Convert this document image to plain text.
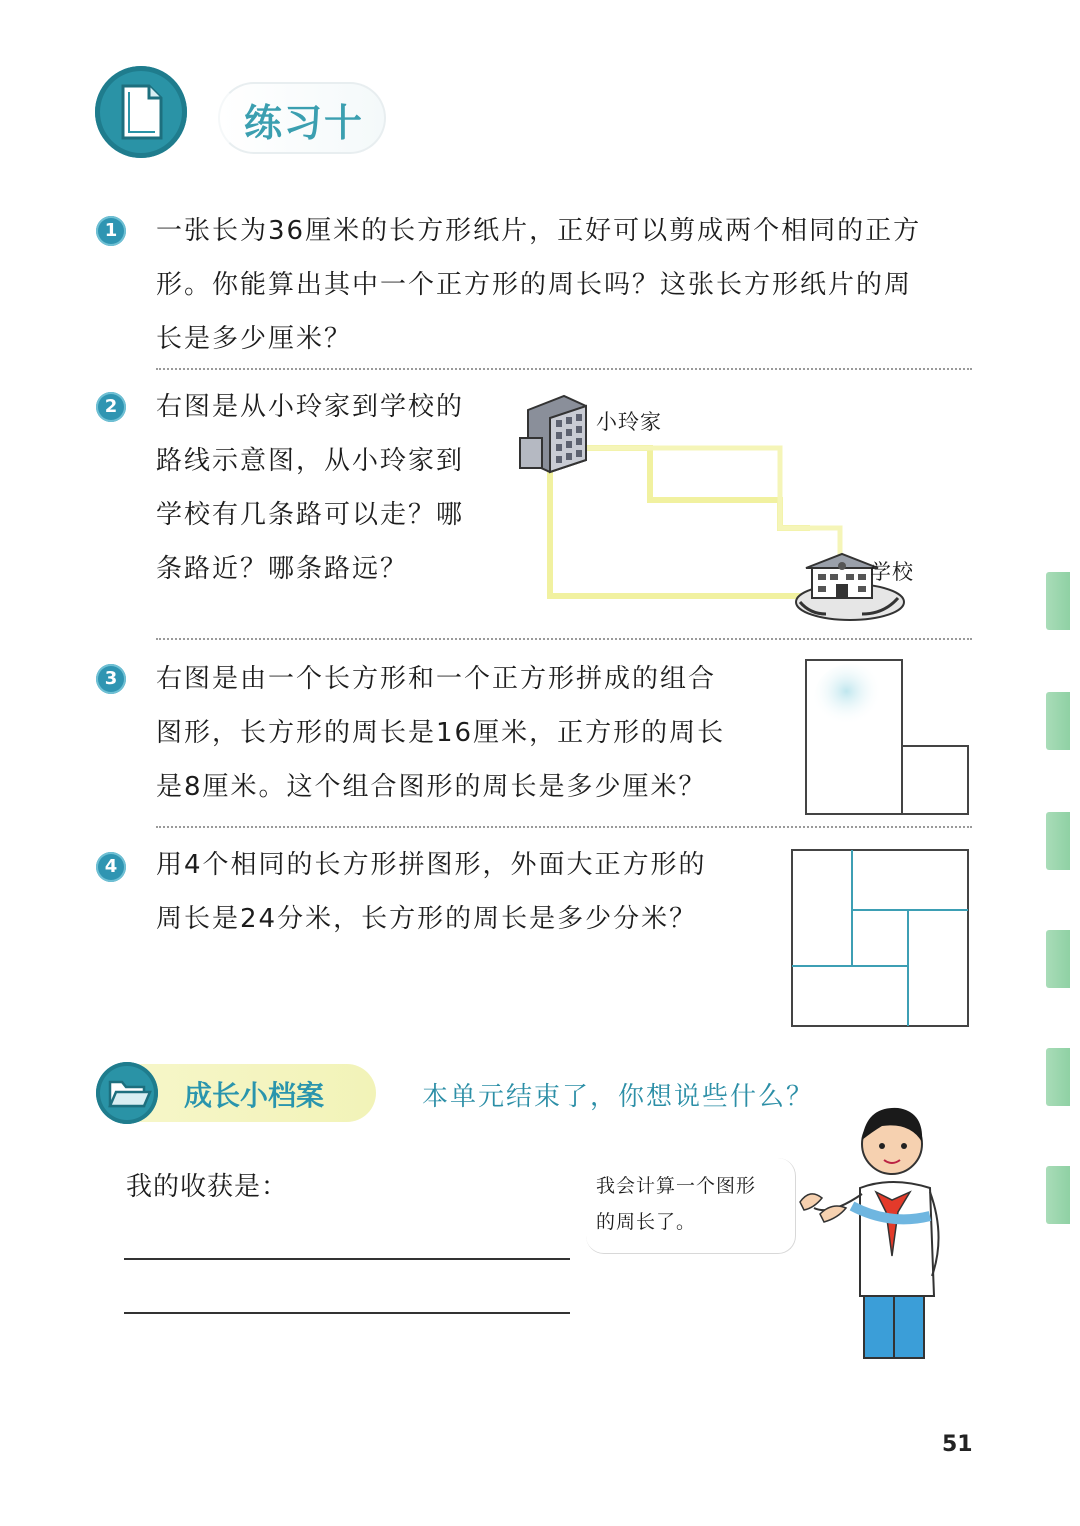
练习十
1	一张长为36厘米的长方形纸片，正好可以剪成两个相同的正方
形。你能算出其中一个正方形的周长吗？这张长方形纸片的周
长是多少厘米？
2	右图是从小玲家到学校的
路线示意图，从小玲家到
学校有几条路可以走？哪
条路近？哪条路远？
小玲家
学校
3	右图是由一个长方形和一个正方形拼成的组合
图形，长方形的周长是16厘米，正方形的周长
是8厘米。这个组合图形的周长是多少厘米？
4	用4个相同的长方形拼图形，外面大正方形的
周长是24分米，长方形的周长是多少分米？
成长小档案	本单元结束了，你想说些什么？
我的收获是：	我会计算一个图形
的周长了。
51
